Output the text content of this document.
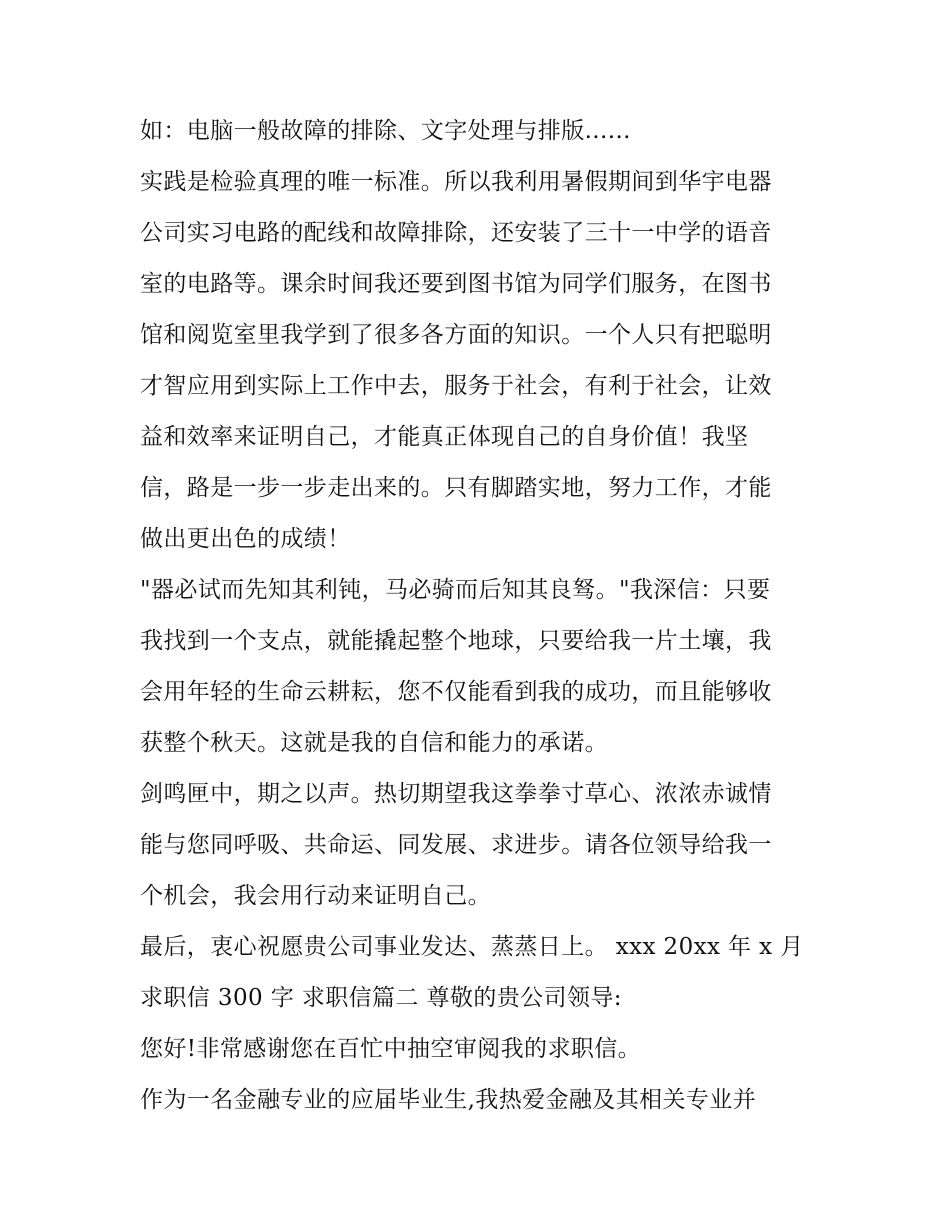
如：电脑一般故障的排除、文字处理与排版......
实践是检验真理的唯一标准。所以我利用暑假期间到华宇电器
公司实习电路的配线和故障排除，还安装了三十一中学的语音
室的电路等。课余时间我还要到图书馆为同学们服务，在图书
馆和阅览室里我学到了很多各方面的知识。一个人只有把聪明
才智应用到实际上工作中去，服务于社会，有利于社会，让效
益和效率来证明自己，才能真正体现自己的自身价值！我坚
信，路是一步一步走出来的。只有脚踏实地，努力工作，才能
做出更出色的成绩！
"器必试而先知其利钝，马必骑而后知其良驽。"我深信：只要
我找到一个支点，就能撬起整个地球，只要给我一片土壤，我
会用年轻的生命云耕耘，您不仅能看到我的成功，而且能够收
获整个秋天。这就是我的自信和能力的承诺。
剑鸣匣中，期之以声。热切期望我这拳拳寸草心、浓浓赤诚情
能与您同呼吸、共命运、同发展、求进步。请各位领导给我一
个机会，我会用行动来证明自己。
最后，衷心祝愿贵公司事业发达、蒸蒸日上。 xxx 20xx 年 x 月
求职信 300 字 求职信篇二 尊敬的贵公司领导:
您好!非常感谢您在百忙中抽空审阅我的求职信。
作为一名金融专业的应届毕业生,我热爱金融及其相关专业并
